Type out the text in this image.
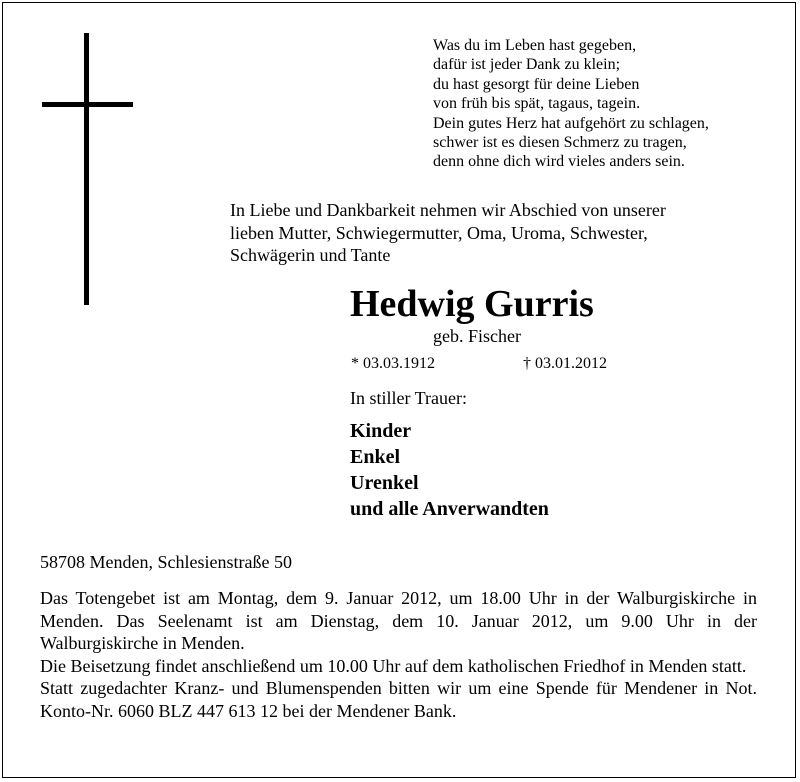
Was du im Leben hast gegeben,
dafür ist jeder Dank zu klein;
du hast gesorgt für deine Lieben
von früh bis spät, tagaus, tagein.
Dein gutes Herz hat aufgehört zu schlagen,
schwer ist es diesen Schmerz zu tragen,
denn ohne dich wird vieles anders sein.
In Liebe und Dankbarkeit nehmen wir Abschied von unserer
lieben Mutter, Schwiegermutter, Oma, Uroma, Schwester,
Schwägerin und Tante
Hedwig Gurris
geb. Fischer
* 03.03.1912	† 03.01.2012
In stiller Trauer:
Kinder
Enkel
Urenkel
und alle Anverwandten
58708 Menden, Schlesienstraße 50

Das Totengebet ist am Montag, dem 9. Januar 2012, um 18.00 Uhr in der Walburgiskirche in Menden. Das Seelenamt ist am Dienstag, dem 10. Januar 2012, um 9.00 Uhr in der Walburgiskirche in Menden.

Die Beisetzung findet anschließend um 10.00 Uhr auf dem katholischen Friedhof in Menden statt.

Statt zugedachter Kranz- und Blumenspenden bitten wir um eine Spende für Mendener in Not. Konto-Nr. 6060 BLZ 447 613 12 bei der Mendener Bank.
